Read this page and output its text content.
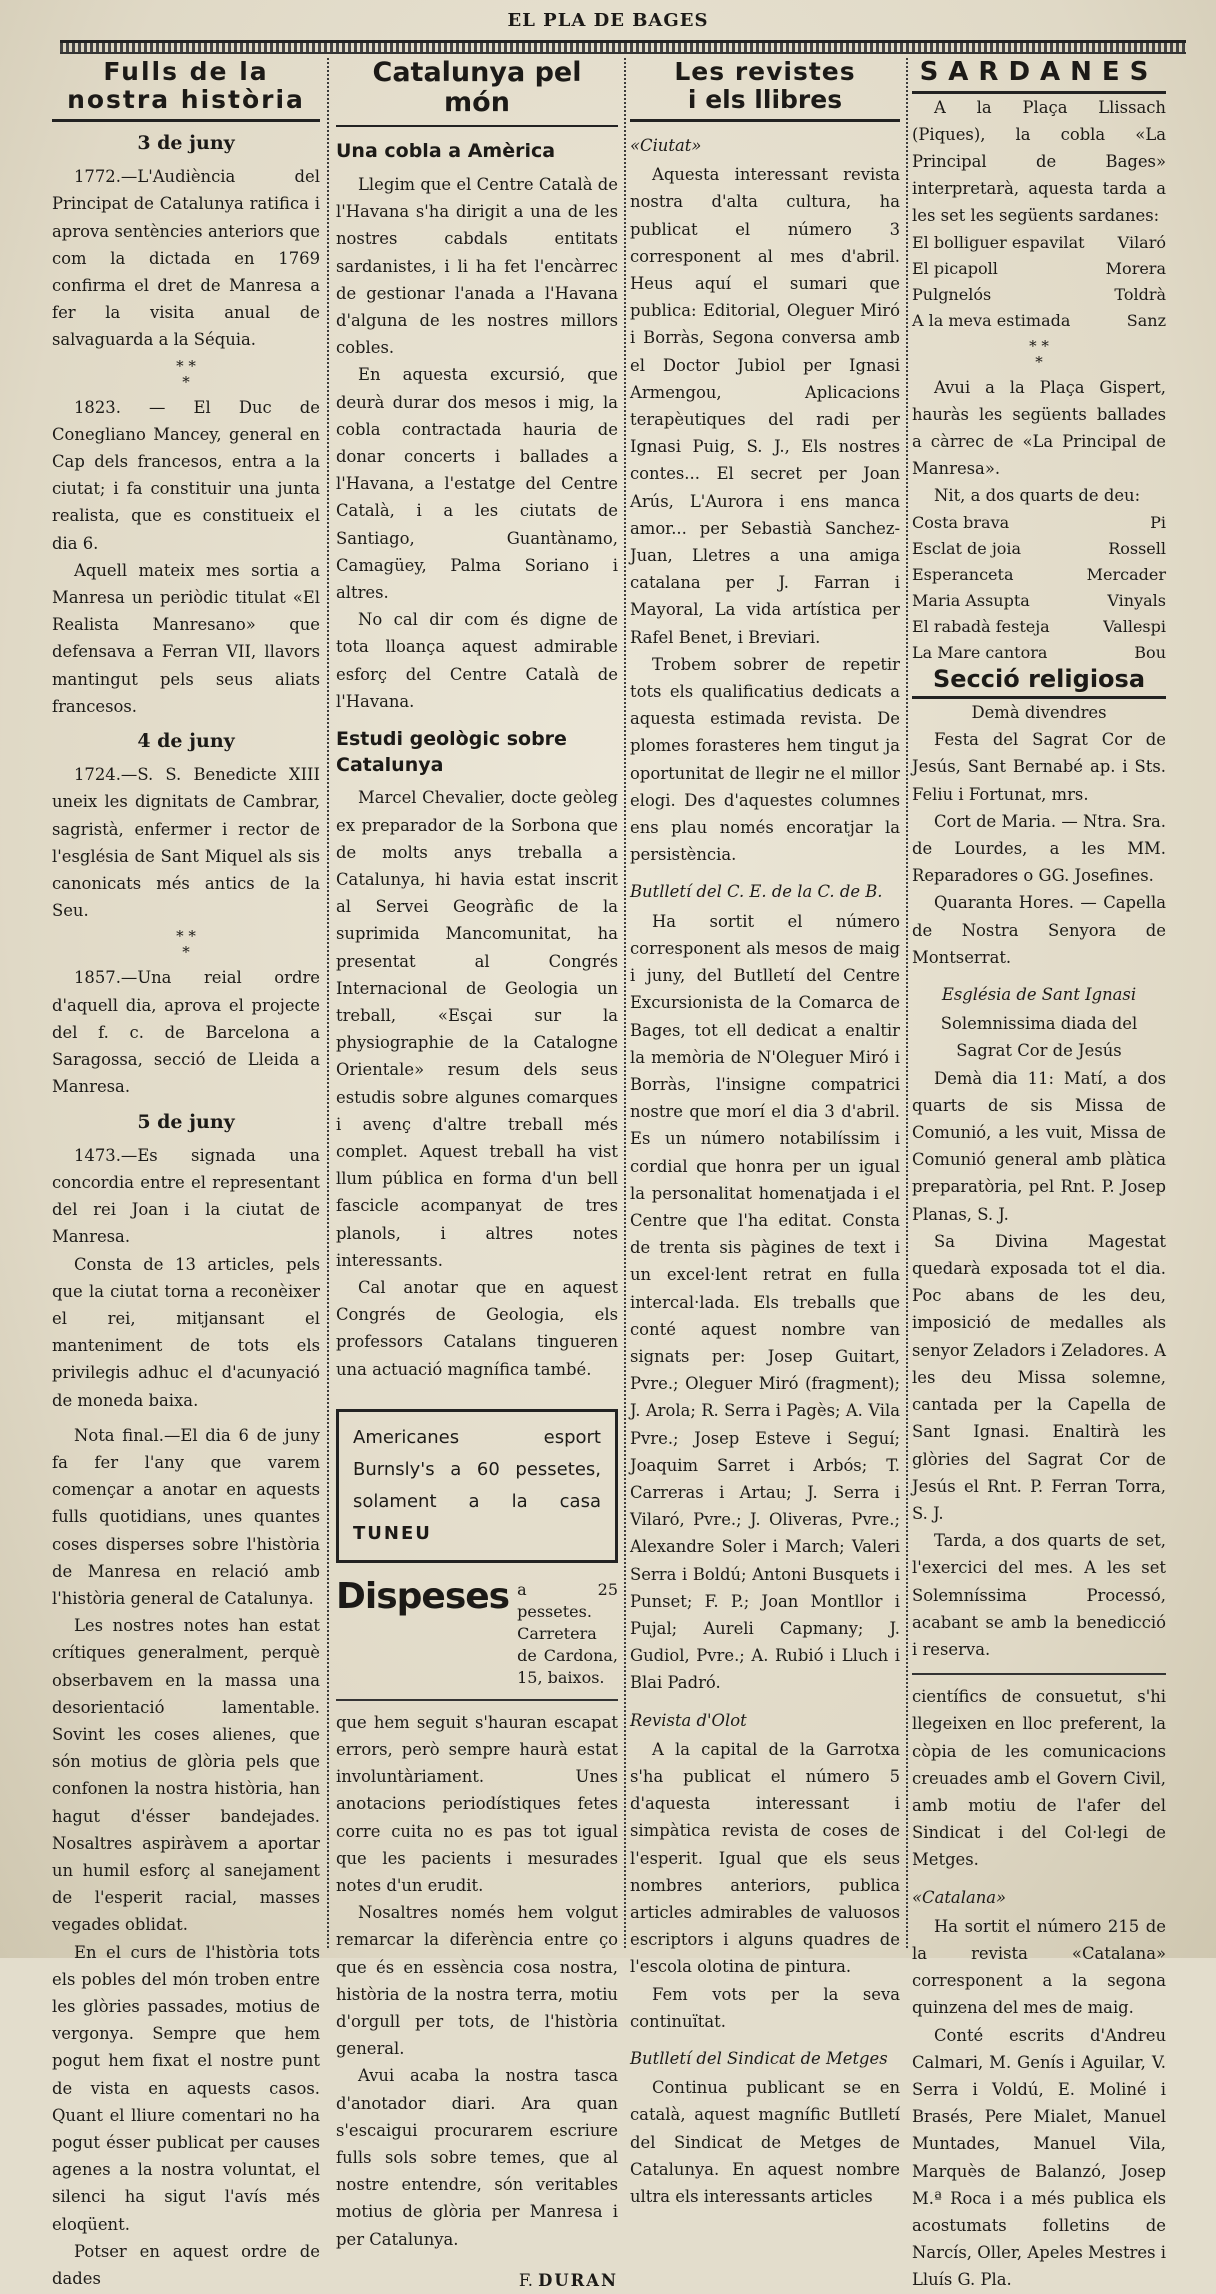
EL PLA DE BAGES
Fulls de la
nostra història
3 de juny

1772.—L'Audiència del Principat de Catalunya ratifica i aprova sentències anteriors que com la dictada en 1769 confirma el dret de Manresa a fer la visita anual de salvaguarda a la Séquia.

* *
*

1823. — El Duc de Conegliano Mancey, general en Cap dels francesos, entra a la ciutat; i fa constituir una junta realista, que es constitueix el dia 6.

Aquell mateix mes sortia a Manresa un periòdic titulat «El Realista Manresano» que defensava a Ferran VII, llavors mantingut pels seus aliats francesos.

4 de juny

1724.—S. S. Benedicte XIII uneix les dignitats de Cambrar, sagristà, enfermer i rector de l'església de Sant Miquel als sis canonicats més antics de la Seu.

* *
*

1857.—Una reial ordre d'aquell dia, aprova el projecte del f. c. de Barcelona a Saragossa, secció de Lleida a Manresa.

5 de juny

1473.—Es signada una concordia entre el representant del rei Joan i la ciutat de Manresa.

Consta de 13 articles, pels que la ciutat torna a reconèixer el rei, mitjansant el manteniment de tots els privilegis adhuc el d'acunyació de moneda baixa.

Nota final.—El dia 6 de juny fa fer l'any que varem començar a anotar en aquests fulls quotidians, unes quantes coses disperses sobre l'història de Manresa en relació amb l'història general de Catalunya.

Les nostres notes han estat crítiques generalment, perquè obserbavem en la massa una desorientació lamentable. Sovint les coses alienes, que són motius de glòria pels que confonen la nostra història, han hagut d'ésser bandejades. Nosaltres aspiràvem a aportar un humil esforç al sanejament de l'esperit racial, masses vegades oblidat.

En el curs de l'història tots els pobles del món troben entre les glòries passades, motius de vergonya. Sempre que hem pogut hem fixat el nostre punt de vista en aquests casos. Quant el lliure comentari no ha pogut ésser publicat per causes agenes a la nostra voluntat, el silenci ha sigut l'avís més eloqüent.

Potser en aquest ordre de dades

Catalunya pel món
Una cobla a Amèrica

Llegim que el Centre Català de l'Havana s'ha dirigit a una de les nostres cabdals entitats sardanistes, i li ha fet l'encàrrec de gestionar l'anada a l'Havana d'alguna de les nostres millors cobles.

En aquesta excursió, que deurà durar dos mesos i mig, la cobla contractada hauria de donar concerts i ballades a l'Havana, a l'estatge del Centre Català, i a les ciutats de Santiago, Guantànamo, Camagüey, Palma Soriano i altres.

No cal dir com és digne de tota lloança aquest admirable esforç del Centre Català de l'Havana.

Estudi geològic sobre Catalunya

Marcel Chevalier, docte geòleg ex preparador de la Sorbona que de molts anys treballa a Catalunya, hi havia estat inscrit al Servei Geogràfic de la suprimida Mancomunitat, ha presentat al Congrés Internacional de Geologia un treball, «Esçai sur la physiographie de la Catalogne Orientale» resum dels seus estudis sobre algunes comarques i avenç d'altre treball més complet. Aquest treball ha vist llum pública en forma d'un bell fascicle acompanyat de tres planols, i altres notes interessants.

Cal anotar que en aquest Congrés de Geologia, els professors Catalans tingueren una actuació magnífica també.

Americanes esport Burnsly's a 60 pessetes, solament a la casa TUNEU
Dispeses a 25 pessetes. Carretera de Cardona, 15, baixos.

que hem seguit s'hauran escapat errors, però sempre haurà estat involuntàriament. Unes anotacions periodístiques fetes corre cuita no es pas tot igual que les pacients i mesurades notes d'un erudit.

Nosaltres només hem volgut remarcar la diferència entre ço que és en essència cosa nostra, història de la nostra terra, motiu d'orgull per tots, de l'història general.

Avui acaba la nostra tasca d'anotador diari. Ara quan s'escaigui procurarem escriure fulls sols sobre temes, que al nostre entendre, són veritables motius de glòria per Manresa i per Catalunya.

F. DURAN
Les revistes
i els llibres

«Ciutat»

Aquesta interessant revista nostra d'alta cultura, ha publicat el número 3 corresponent al mes d'abril. Heus aquí el sumari que publica: Editorial, Oleguer Miró i Borràs, Segona conversa amb el Doctor Jubiol per Ignasi Armengou, Aplicacions terapèutiques del radi per Ignasi Puig, S. J., Els nostres contes... El secret per Joan Arús, L'Aurora i ens manca amor... per Sebastià Sanchez-Juan, Lletres a una amiga catalana per J. Farran i Mayoral, La vida artística per Rafel Benet, i Breviari.

Trobem sobrer de repetir tots els qualificatius dedicats a aquesta estimada revista. De plomes forasteres hem tingut ja oportunitat de llegir ne el millor elogi. Des d'aquestes columnes ens plau només encoratjar la persistència.

Butlletí del C. E. de la C. de B.

Ha sortit el número corresponent als mesos de maig i juny, del Butlletí del Centre Excursionista de la Comarca de Bages, tot ell dedicat a enaltir la memòria de N'Oleguer Miró i Borràs, l'insigne compatrici nostre que morí el dia 3 d'abril. Es un número notabilíssim i cordial que honra per un igual la personalitat homenatjada i el Centre que l'ha editat. Consta de trenta sis pàgines de text i un excel·lent retrat en fulla intercal·lada. Els treballs que conté aquest nombre van signats per: Josep Guitart, Pvre.; Oleguer Miró (fragment); J. Arola; R. Serra i Pagès; A. Vila Pvre.; Josep Esteve i Seguí; Joaquim Sarret i Arbós; T. Carreras i Artau; J. Serra i Vilaró, Pvre.; J. Oliveras, Pvre.; Alexandre Soler i March; Valeri Serra i Boldú; Antoni Busquets i Punset; F. P.; Joan Montllor i Pujal; Aureli Capmany; J. Gudiol, Pvre.; A. Rubió i Lluch i Blai Padró.

Revista d'Olot

A la capital de la Garrotxa s'ha publicat el número 5 d'aquesta interessant i simpàtica revista de coses de l'esperit. Igual que els seus nombres anteriors, publica articles admirables de valuosos escriptors i alguns quadres de l'escola olotina de pintura.

Fem vots per la seva continuïtat.

Butlletí del Sindicat de Metges

Continua publicant se en català, aquest magnífic Butlletí del Sindicat de Metges de Catalunya. En aquest nombre ultra els interessants articles

SARDANES

A la Plaça Llissach (Piques), la cobla «La Principal de Bages» interpretarà, aquesta tarda a les set les següents sardanes:

El bolliguer espavilat Vilaró
El picapoll	Morera
Pulgnelós	Toldrà
A la meva estimada	Sanz
* *
*

Avui a la Plaça Gispert, hauràs les següents ballades a càrrec de «La Principal de Manresa».

Nit, a dos quarts de deu:

Costa brava	Pi
Esclat de joia	Rossell
Esperanceta	Mercader
Maria Assupta	Vinyals
El rabadà festeja	Vallespi
La Mare cantora	Bou
Secció religiosa

Demà divendres

Festa del Sagrat Cor de Jesús, Sant Bernabé ap. i Sts. Feliu i Fortunat, mrs.

Cort de Maria. — Ntra. Sra. de Lourdes, a les MM. Reparadores o GG. Josefines.

Quaranta Hores. — Capella de Nostra Senyora de Montserrat.

Església de Sant Ignasi

Solemnissima diada del Sagrat Cor de Jesús

Demà dia 11: Matí, a dos quarts de sis Missa de Comunió, a les vuit, Missa de Comunió general amb plàtica preparatòria, pel Rnt. P. Josep Planas, S. J.

Sa Divina Magestat quedarà exposada tot el dia. Poc abans de les deu, imposició de medalles als senyor Zeladors i Zeladores. A les deu Missa solemne, cantada per la Capella de Sant Ignasi. Enaltirà les glòries del Sagrat Cor de Jesús el Rnt. P. Ferran Torra, S. J.

Tarda, a dos quarts de set, l'exercici del mes. A les set Solemníssima Processó, acabant se amb la benedicció i reserva.

científics de consuetut, s'hi llegeixen en lloc preferent, la còpia de les comunicacions creuades amb el Govern Civil, amb motiu de l'afer del Sindicat i del Col·legi de Metges.

«Catalana»

Ha sortit el número 215 de la revista «Catalana» corresponent a la segona quinzena del mes de maig.

Conté escrits d'Andreu Calmari, M. Genís i Aguilar, V. Serra i Voldú, E. Moliné i Brasés, Pere Mialet, Manuel Muntades, Manuel Vila, Marquès de Balanzó, Josep M.ª Roca i a més publica els acostumats folletins de Narcís, Oller, Apeles Mestres i Lluís G. Pla.
